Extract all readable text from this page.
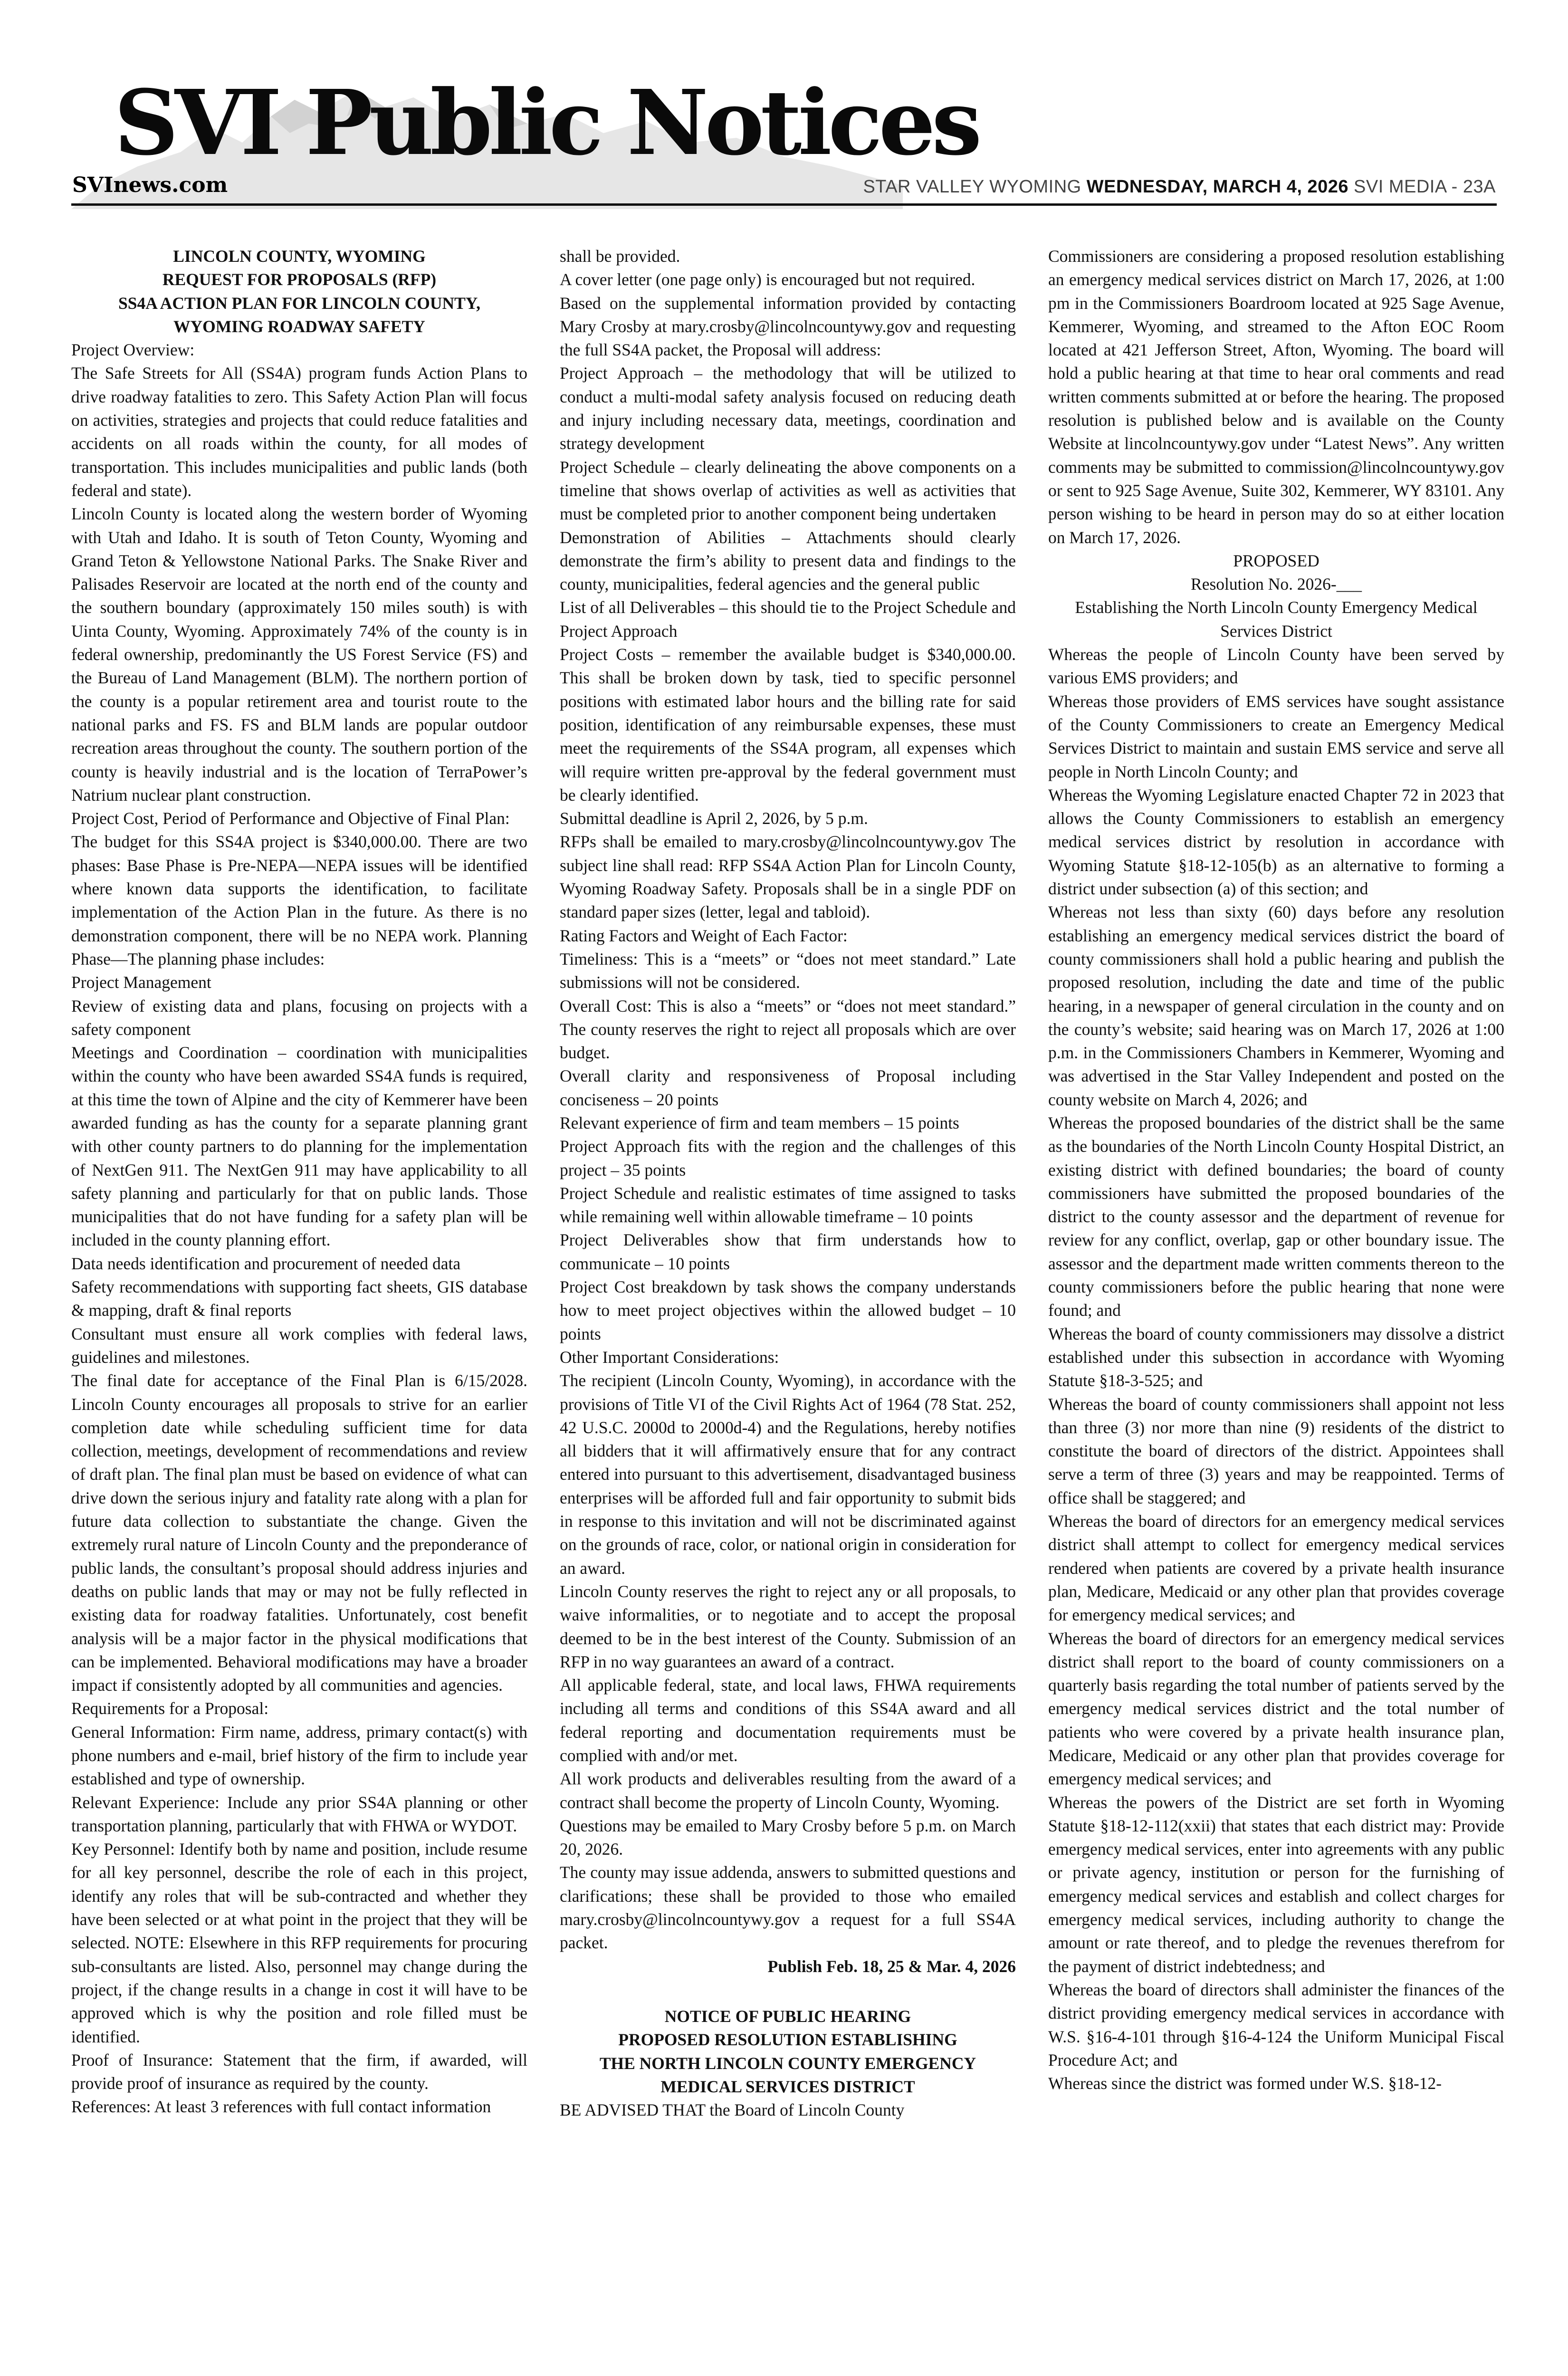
SVI Public Notices
SVInews.com	STAR VALLEY WYOMING WEDNESDAY, MARCH 4, 2026 SVI MEDIA - 23A
LINCOLN COUNTY, WYOMING
REQUEST FOR PROPOSALS (RFP)
SS4A ACTION PLAN FOR LINCOLN COUNTY,
WYOMING ROADWAY SAFETY

Project Overview:

The Safe Streets for All (SS4A) program funds Action Plans to drive roadway fatalities to zero. This Safety Action Plan will focus on activities, strategies and projects that could reduce fatalities and accidents on all roads within the county, for all modes of transportation. This includes municipalities and public lands (both federal and state).

Lincoln County is located along the western border of Wyoming with Utah and Idaho. It is south of Teton County, Wyoming and Grand Teton & Yellowstone National Parks. The Snake River and Palisades Reservoir are located at the north end of the county and the southern boundary (approximately 150 miles south) is with Uinta County, Wyoming. Approximately 74% of the county is in federal ownership, predominantly the US Forest Service (FS) and the Bureau of Land Management (BLM). The northern portion of the county is a popular retirement area and tourist route to the national parks and FS. FS and BLM lands are popular outdoor recreation areas throughout the county. The southern portion of the county is heavily industrial and is the location of TerraPower’s Natrium nuclear plant construction.

Project Cost, Period of Performance and Objective of Final Plan:

The budget for this SS4A project is $340,000.00. There are two phases: Base Phase is Pre-NEPA—NEPA issues will be identified where known data supports the identification, to facilitate implementation of the Action Plan in the future. As there is no demonstration component, there will be no NEPA work. Planning Phase—The planning phase includes:

Project Management

Review of existing data and plans, focusing on projects with a safety component

Meetings and Coordination – coordination with municipalities within the county who have been awarded SS4A funds is required, at this time the town of Alpine and the city of Kemmerer have been awarded funding as has the county for a separate planning grant with other county partners to do planning for the implementation of NextGen 911. The NextGen 911 may have applicability to all safety planning and particularly for that on public lands. Those municipalities that do not have funding for a safety plan will be included in the county planning effort.

Data needs identification and procurement of needed data

Safety recommendations with supporting fact sheets, GIS database & mapping, draft & final reports

Consultant must ensure all work complies with federal laws, guidelines and milestones.

The final date for acceptance of the Final Plan is 6/15/2028. Lincoln County encourages all proposals to strive for an earlier completion date while scheduling sufficient time for data collection, meetings, development of recommendations and review of draft plan. The final plan must be based on evidence of what can drive down the serious injury and fatality rate along with a plan for future data collection to substantiate the change. Given the extremely rural nature of Lincoln County and the preponderance of public lands, the consultant’s proposal should address injuries and deaths on public lands that may or may not be fully reflected in existing data for roadway fatalities. Unfortunately, cost benefit analysis will be a major factor in the physical modifications that can be implemented. Behavioral modifications may have a broader impact if consistently adopted by all communities and agencies.

Requirements for a Proposal:

General Information: Firm name, address, primary contact(s) with phone numbers and e-mail, brief history of the firm to include year established and type of ownership.

Relevant Experience: Include any prior SS4A planning or other transportation planning, particularly that with FHWA or WYDOT.

Key Personnel: Identify both by name and position, include resume for all key personnel, describe the role of each in this project, identify any roles that will be sub-contracted and whether they have been selected or at what point in the project that they will be selected. NOTE: Elsewhere in this RFP requirements for procuring sub-consultants are listed. Also, personnel may change during the project, if the change results in a change in cost it will have to be approved which is why the position and role filled must be identified.

Proof of Insurance: Statement that the firm, if awarded, will provide proof of insurance as required by the county.

References: At least 3 references with full contact information

shall be provided.

A cover letter (one page only) is encouraged but not required.

Based on the supplemental information provided by contacting Mary Crosby at mary.crosby@lincolncountywy.gov and requesting the full SS4A packet, the Proposal will address:

Project Approach – the methodology that will be utilized to conduct a multi-modal safety analysis focused on reducing death and injury including necessary data, meetings, coordination and strategy development

Project Schedule – clearly delineating the above components on a timeline that shows overlap of activities as well as activities that must be completed prior to another component being undertaken

Demonstration of Abilities – Attachments should clearly demonstrate the firm’s ability to present data and findings to the county, municipalities, federal agencies and the general public

List of all Deliverables – this should tie to the Project Schedule and Project Approach

Project Costs – remember the available budget is $340,000.00. This shall be broken down by task, tied to specific personnel positions with estimated labor hours and the billing rate for said position, identification of any reimbursable expenses, these must meet the requirements of the SS4A program, all expenses which will require written pre-approval by the federal government must be clearly identified.

Submittal deadline is April 2, 2026, by 5 p.m.

RFPs shall be emailed to mary.crosby@lincolncountywy.gov The subject line shall read: RFP SS4A Action Plan for Lincoln County, Wyoming Roadway Safety. Proposals shall be in a single PDF on standard paper sizes (letter, legal and tabloid).

Rating Factors and Weight of Each Factor:

Timeliness: This is a “meets” or “does not meet standard.” Late submissions will not be considered.

Overall Cost: This is also a “meets” or “does not meet standard.” The county reserves the right to reject all proposals which are over budget.

Overall clarity and responsiveness of Proposal including conciseness – 20 points

Relevant experience of firm and team members – 15 points

Project Approach fits with the region and the challenges of this project – 35 points

Project Schedule and realistic estimates of time assigned to tasks while remaining well within allowable timeframe – 10 points

Project Deliverables show that firm understands how to communicate – 10 points

Project Cost breakdown by task shows the company understands how to meet project objectives within the allowed budget – 10 points

Other Important Considerations:

The recipient (Lincoln County, Wyoming), in accordance with the provisions of Title VI of the Civil Rights Act of 1964 (78 Stat. 252, 42 U.S.C. 2000d to 2000d-4) and the Regulations, hereby notifies all bidders that it will affirmatively ensure that for any contract entered into pursuant to this advertisement, disadvantaged business enterprises will be afforded full and fair opportunity to submit bids in response to this invitation and will not be discriminated against on the grounds of race, color, or national origin in consideration for an award.

Lincoln County reserves the right to reject any or all proposals, to waive informalities, or to negotiate and to accept the proposal deemed to be in the best interest of the County. Submission of an RFP in no way guarantees an award of a contract.

All applicable federal, state, and local laws, FHWA requirements including all terms and conditions of this SS4A award and all federal reporting and documentation requirements must be complied with and/or met.

All work products and deliverables resulting from the award of a contract shall become the property of Lincoln County, Wyoming.

Questions may be emailed to Mary Crosby before 5 p.m. on March 20, 2026.

The county may issue addenda, answers to submitted questions and clarifications; these shall be provided to those who emailed mary.crosby@lincolncountywy.gov a request for a full SS4A packet.

Publish Feb. 18, 25 & Mar. 4, 2026

NOTICE OF PUBLIC HEARING
PROPOSED RESOLUTION ESTABLISHING
THE NORTH LINCOLN COUNTY EMERGENCY
MEDICAL SERVICES DISTRICT

BE ADVISED THAT the Board of Lincoln County

Commissioners are considering a proposed resolution establishing an emergency medical services district on March 17, 2026, at 1:00 pm in the Commissioners Boardroom located at 925 Sage Avenue, Kemmerer, Wyoming, and streamed to the Afton EOC Room located at 421 Jefferson Street, Afton, Wyoming. The board will hold a public hearing at that time to hear oral comments and read written comments submitted at or before the hearing. The proposed resolution is published below and is available on the County Website at lincolncountywy.gov under “Latest News”. Any written comments may be submitted to commission@lincolncountywy.gov or sent to 925 Sage Avenue, Suite 302, Kemmerer, WY 83101. Any person wishing to be heard in person may do so at either location on March 17, 2026.

PROPOSED

Resolution No. 2026-___

Establishing the North Lincoln County Emergency Medical Services District

Whereas the people of Lincoln County have been served by various EMS providers; and

Whereas those providers of EMS services have sought assistance of the County Commissioners to create an Emergency Medical Services District to maintain and sustain EMS service and serve all people in North Lincoln County; and

Whereas the Wyoming Legislature enacted Chapter 72 in 2023 that allows the County Commissioners to establish an emergency medical services district by resolution in accordance with Wyoming Statute §18-12-105(b) as an alternative to forming a district under subsection (a) of this section; and

Whereas not less than sixty (60) days before any resolution establishing an emergency medical services district the board of county commissioners shall hold a public hearing and publish the proposed resolution, including the date and time of the public hearing, in a newspaper of general circulation in the county and on the county’s website; said hearing was on March 17, 2026 at 1:00 p.m. in the Commissioners Chambers in Kemmerer, Wyoming and was advertised in the Star Valley Independent and posted on the county website on March 4, 2026; and

Whereas the proposed boundaries of the district shall be the same as the boundaries of the North Lincoln County Hospital District, an existing district with defined boundaries; the board of county commissioners have submitted the proposed boundaries of the district to the county assessor and the department of revenue for review for any conflict, overlap, gap or other boundary issue. The assessor and the department made written comments thereon to the county commissioners before the public hearing that none were found; and

Whereas the board of county commissioners may dissolve a district established under this subsection in accordance with Wyoming Statute §18-3-525; and

Whereas the board of county commissioners shall appoint not less than three (3) nor more than nine (9) residents of the district to constitute the board of directors of the district. Appointees shall serve a term of three (3) years and may be reappointed. Terms of office shall be staggered; and

Whereas the board of directors for an emergency medical services district shall attempt to collect for emergency medical services rendered when patients are covered by a private health insurance plan, Medicare, Medicaid or any other plan that provides coverage for emergency medical services; and

Whereas the board of directors for an emergency medical services district shall report to the board of county commissioners on a quarterly basis regarding the total number of patients served by the emergency medical services district and the total number of patients who were covered by a private health insurance plan, Medicare, Medicaid or any other plan that provides coverage for emergency medical services; and

Whereas the powers of the District are set forth in Wyoming Statute §18-12-112(xxii) that states that each district may: Provide emergency medical services, enter into agreements with any public or private agency, institution or person for the furnishing of emergency medical services and establish and collect charges for emergency medical services, including authority to change the amount or rate thereof, and to pledge the revenues therefrom for the payment of district indebtedness; and

Whereas the board of directors shall administer the finances of the district providing emergency medical services in accordance with W.S. §16-4-101 through §16-4-124 the Uniform Municipal Fiscal Procedure Act; and

Whereas since the district was formed under W.S. §18-12-
